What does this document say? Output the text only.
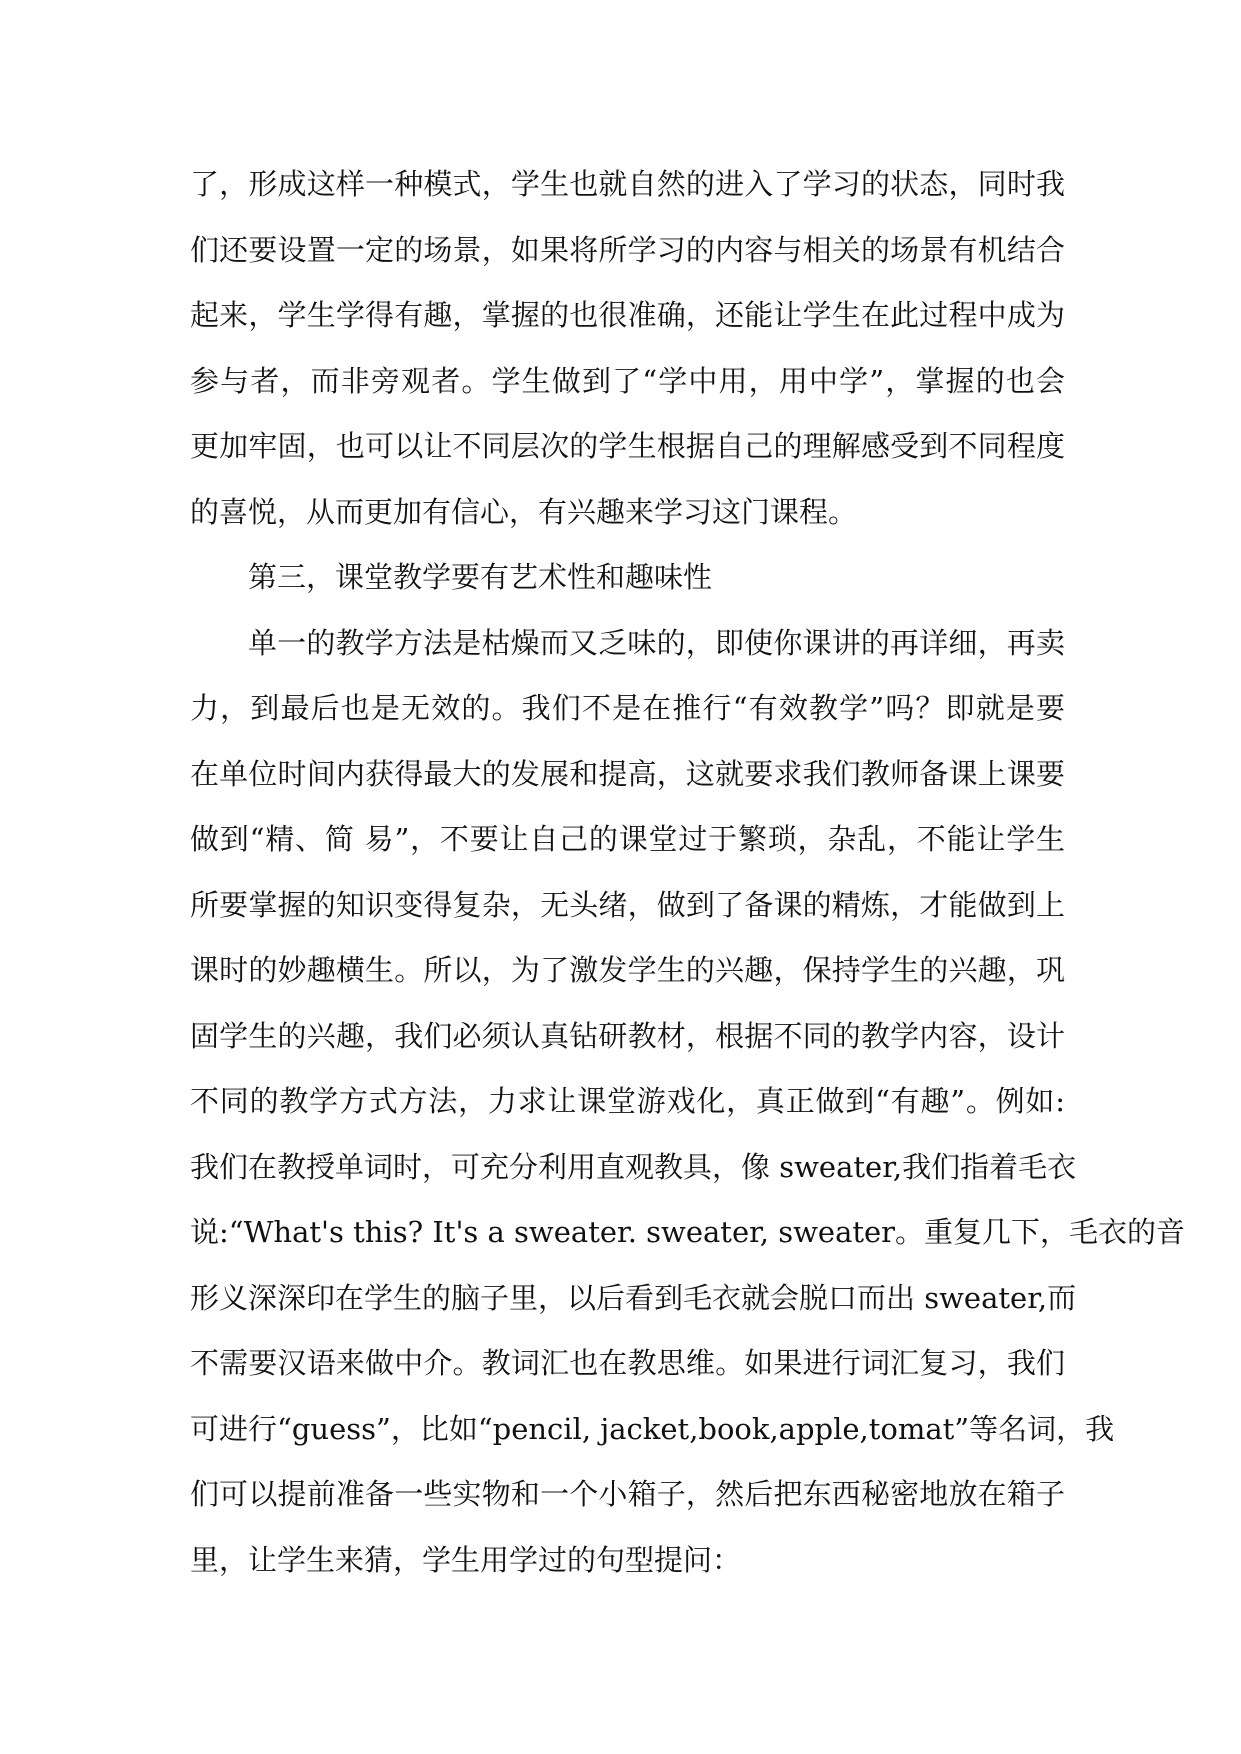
了，形成这样一种模式，学生也就自然的进入了学习的状态，同时我
们还要设置一定的场景，如果将所学习的内容与相关的场景有机结合
起来，学生学得有趣，掌握的也很准确，还能让学生在此过程中成为
参与者，而非旁观者。学生做到了“学中用，用中学”，掌握的也会
更加牢固，也可以让不同层次的学生根据自己的理解感受到不同程度
的喜悦，从而更加有信心，有兴趣来学习这门课程。
第三，课堂教学要有艺术性和趣味性
单一的教学方法是枯燥而又乏味的，即使你课讲的再详细，再卖
力，到最后也是无效的。我们不是在推行“有效教学”吗？即就是要
在单位时间内获得最大的发展和提高，这就要求我们教师备课上课要
做到“精、简 易”，不要让自己的课堂过于繁琐，杂乱，不能让学生
所要掌握的知识变得复杂，无头绪，做到了备课的精炼，才能做到上
课时的妙趣横生。所以，为了激发学生的兴趣，保持学生的兴趣，巩
固学生的兴趣，我们必须认真钻研教材，根据不同的教学内容，设计
不同的教学方式方法，力求让课堂游戏化，真正做到“有趣”。例如:
我们在教授单词时，可充分利用直观教具，像 sweater,我们指着毛衣
说:“What's this? It's a sweater. sweater, sweater。重复几下，毛衣的音
形义深深印在学生的脑子里，以后看到毛衣就会脱口而出 sweater,而
不需要汉语来做中介。教词汇也在教思维。如果进行词汇复习，我们
可进行“guess”，比如“pencil, jacket,book,apple,tomat”等名词，我
们可以提前准备一些实物和一个小箱子，然后把东西秘密地放在箱子
里，让学生来猜，学生用学过的句型提问：
